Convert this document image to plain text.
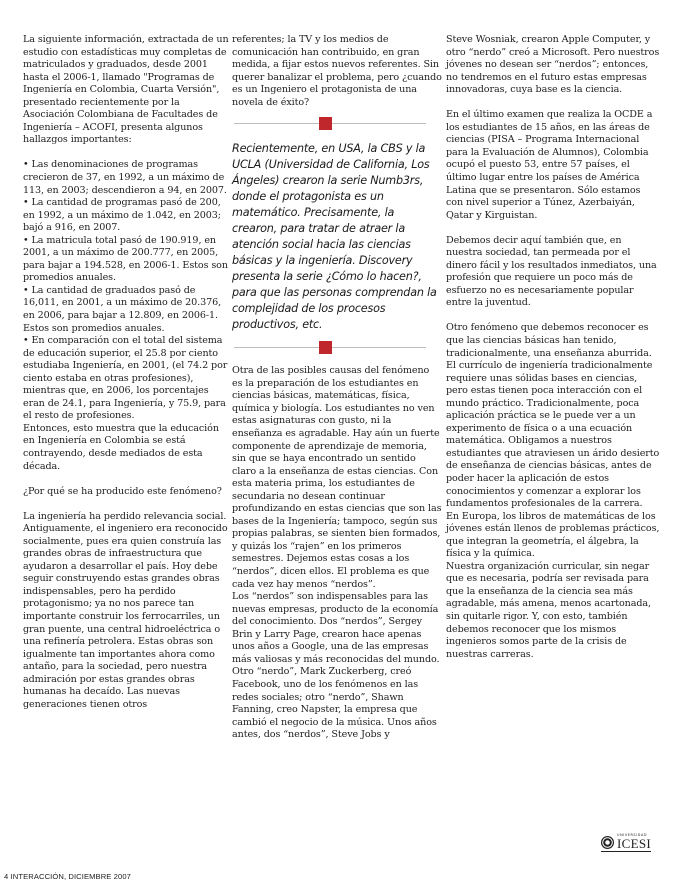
La siguiente información, extractada de un estudio con estadísticas muy completas de matriculados y graduados, desde 2001 hasta el 2006-1, llamado "Programas de Ingeniería en Colombia, Cuarta Versión", presentado recientemente por la Asociación Colombiana de Facultades de Ingeniería – ACOFI, presenta algunos hallazgos importantes:

• Las denominaciones de programas crecieron de 37, en 1992, a un máximo de 113, en 2003; descendieron a 94, en 2007.

• La cantidad de programas pasó de 200, en 1992, a un máximo de 1.042, en 2003; bajó a 916, en 2007.

• La matricula total pasó de 190.919, en 2001, a un máximo de 200.777, en 2005, para bajar a 194.528, en 2006-1. Estos son promedios anuales.

• La cantidad de graduados pasó de 16,011, en 2001, a un máximo de 20.376, en 2006, para bajar a 12.809, en 2006-1. Estos son promedios anuales.

• En comparación con el total del sistema de educación superior, el 25.8 por ciento estudiaba Ingeniería, en 2001, (el 74.2 por ciento estaba en otras profesiones), mientras que, en 2006, los porcentajes eran de 24.1, para Ingeniería, y 75.9, para el resto de profesiones.

Entonces, esto muestra que la educación en Ingeniería en Colombia se está contrayendo, desde mediados de esta década.

¿Por qué se ha producido este fenómeno?

La ingeniería ha perdido relevancia social. Antiguamente, el ingeniero era reconocido socialmente, pues era quien construía las grandes obras de infraestructura que ayudaron a desarrollar el país. Hoy debe seguir construyendo estas grandes obras indispensables, pero ha perdido protagonismo; ya no nos parece tan importante construir los ferrocarriles, un gran puente, una central hidroeléctrica o una refinería petrolera. Estas obras son igualmente tan importantes ahora como antaño, para la sociedad, pero nuestra admiración por estas grandes obras humanas ha decaído. Las nuevas generaciones tienen otros

referentes; la TV y los medios de comunicación han contribuido, en gran medida, a fijar estos nuevos referentes. Sin querer banalizar el problema, pero ¿cuando es un Ingeniero el protagonista de una novela de éxito?

Recientemente, en USA, la CBS y la UCLA (Universidad de California, Los Ángeles) crearon la serie Numb3rs, donde el protagonista es un matemático. Precisamente, la crearon, para tratar de atraer la atención social hacia las ciencias básicas y la ingeniería. Discovery presenta la serie ¿Cómo lo hacen?, para que las personas comprendan la complejidad de los procesos productivos, etc.

Otra de las posibles causas del fenómeno es la preparación de los estudiantes en ciencias básicas, matemáticas, física, química y biología. Los estudiantes no ven estas asignaturas con gusto, ni la enseñanza es agradable. Hay aún un fuerte componente de aprendizaje de memoria, sin que se haya encontrado un sentido claro a la enseñanza de estas ciencias. Con esta materia prima, los estudiantes de secundaria no desean continuar profundizando en estas ciencias que son las bases de la Ingeniería; tampoco, según sus propias palabras, se sienten bien formados, y quizás los “rajen” en los primeros semestres. Dejemos estas cosas a los “nerdos”, dicen ellos. El problema es que cada vez hay menos “nerdos”.

Los “nerdos” son indispensables para las nuevas empresas, producto de la economía del conocimiento. Dos “nerdos”, Sergey Brin y Larry Page, crearon hace apenas unos años a Google, una de las empresas más valiosas y más reconocidas del mundo. Otro “nerdo”, Mark Zuckerberg, creó Facebook, uno de los fenómenos en las redes sociales; otro “nerdo”, Shawn Fanning, creo Napster, la empresa que cambió el negocio de la música. Unos años antes, dos “nerdos”, Steve Jobs y

Steve Wosniak, crearon Apple Computer, y otro “nerdo” creó a Microsoft. Pero nuestros jóvenes no desean ser “nerdos”; entonces, no tendremos en el futuro estas empresas innovadoras, cuya base es la ciencia.

En el último examen que realiza la OCDE a los estudiantes de 15 años, en las áreas de ciencias (PISA – Programa Internacional para la Evaluación de Alumnos), Colombia ocupó el puesto 53, entre 57 países, el último lugar entre los países de América Latina que se presentaron. Sólo estamos con nivel superior a Túnez, Azerbaiyán, Qatar y Kirguistan.

Debemos decir aquí también que, en nuestra sociedad, tan permeada por el dinero fácil y los resultados inmediatos, una profesión que requiere un poco más de esfuerzo no es necesariamente popular entre la juventud.

Otro fenómeno que debemos reconocer es que las ciencias básicas han tenido, tradicionalmente, una enseñanza aburrida. El currículo de ingeniería tradicionalmente requiere unas sólidas bases en ciencias, pero estas tienen poca interacción con el mundo práctico. Tradicionalmente, poca aplicación práctica se le puede ver a un experimento de física o a una ecuación matemática. Obligamos a nuestros estudiantes que atraviesen un árido desierto de enseñanza de ciencias básicas, antes de poder hacer la aplicación de estos conocimientos y comenzar a explorar los fundamentos profesionales de la carrera.

En Europa, los libros de matemáticas de los jóvenes están llenos de problemas prácticos, que integran la geometría, el álgebra, la física y la química.

Nuestra organización curricular, sin negar que es necesaria, podría ser revisada para que la enseñanza de la ciencia sea más agradable, más amena, menos acartonada, sin quitarle rigor. Y, con esto, también debemos reconocer que los mismos ingenieros somos parte de la crisis de nuestras carreras.

4 INTERACCIÓN, DICIEMBRE 2007
UNIVERSIDAD
ICESI
